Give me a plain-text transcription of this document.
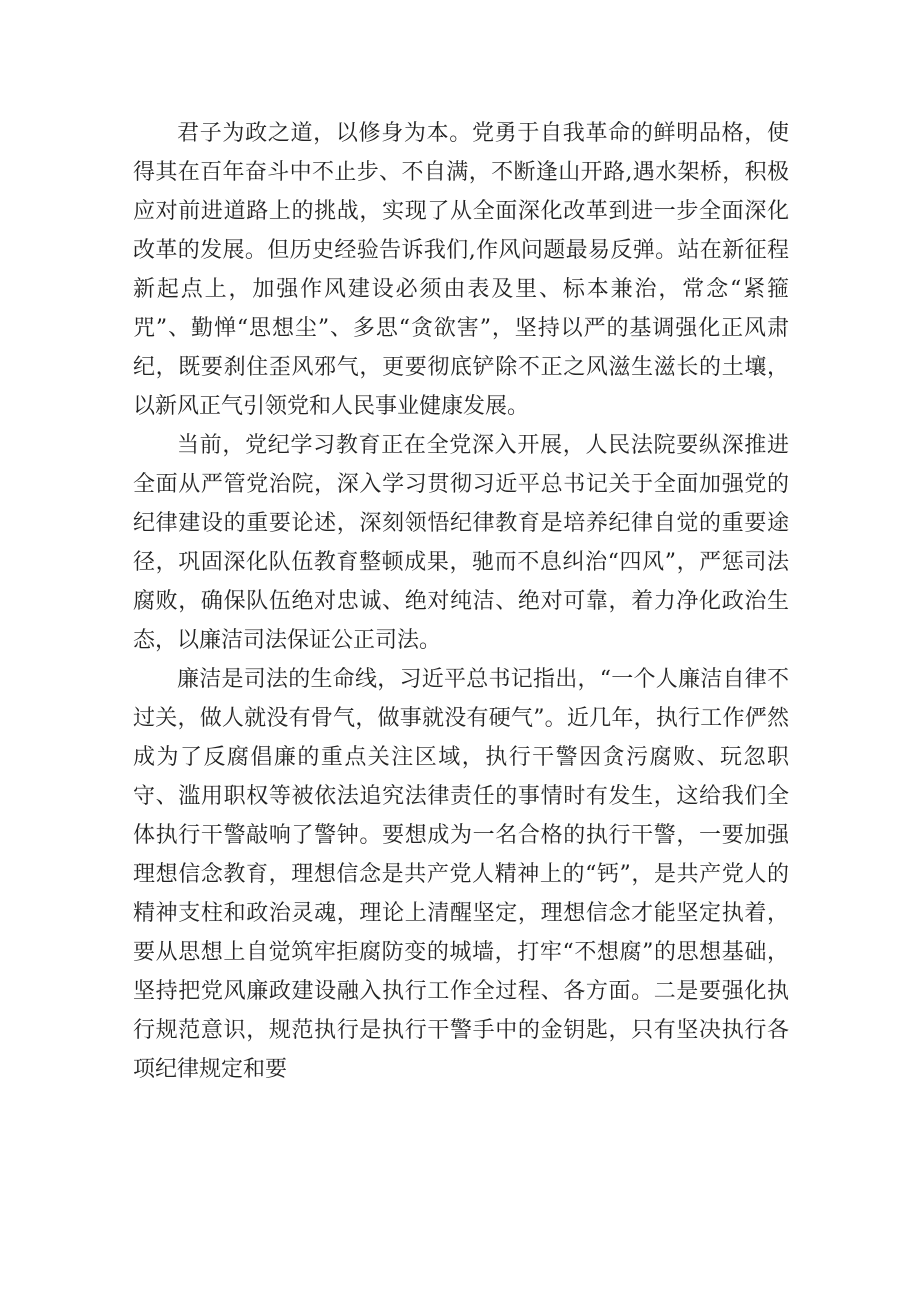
君子为政之道，以修身为本。党勇于自我革命的鲜明品格，使得其在百年奋斗中不止步、不自满，不断逢山开路,遇水架桥，积极应对前进道路上的挑战，实现了从全面深化改革到进一步全面深化改革的发展。但历史经验告诉我们,作风问题最易反弹。站在新征程新起点上，加强作风建设必须由表及里、标本兼治，常念“紧箍咒”、勤惮“思想尘”、多思“贪欲害”，坚持以严的基调强化正风肃纪，既要刹住歪风邪气，更要彻底铲除不正之风滋生滋长的土壤，以新风正气引领党和人民事业健康发展。

当前，党纪学习教育正在全党深入开展，人民法院要纵深推进全面从严管党治院，深入学习贯彻习近平总书记关于全面加强党的纪律建设的重要论述，深刻领悟纪律教育是培养纪律自觉的重要途径，巩固深化队伍教育整顿成果，驰而不息纠治“四风”，严惩司法腐败，确保队伍绝对忠诚、绝对纯洁、绝对可靠，着力净化政治生态，以廉洁司法保证公正司法。

廉洁是司法的生命线，习近平总书记指出，“一个人廉洁自律不过关，做人就没有骨气，做事就没有硬气”。近几年，执行工作俨然成为了反腐倡廉的重点关注区域，执行干警因贪污腐败、玩忽职守、滥用职权等被依法追究法律责任的事情时有发生，这给我们全体执行干警敲响了警钟。要想成为一名合格的执行干警，一要加强理想信念教育，理想信念是共产党人精神上的“钙”，是共产党人的精神支柱和政治灵魂，理论上清醒坚定，理想信念才能坚定执着，要从思想上自觉筑牢拒腐防变的城墙，打牢“不想腐”的思想基础，坚持把党风廉政建设融入执行工作全过程、各方面。二是要强化执行规范意识，规范执行是执行干警手中的金钥匙，只有坚决执行各项纪律规定和要
